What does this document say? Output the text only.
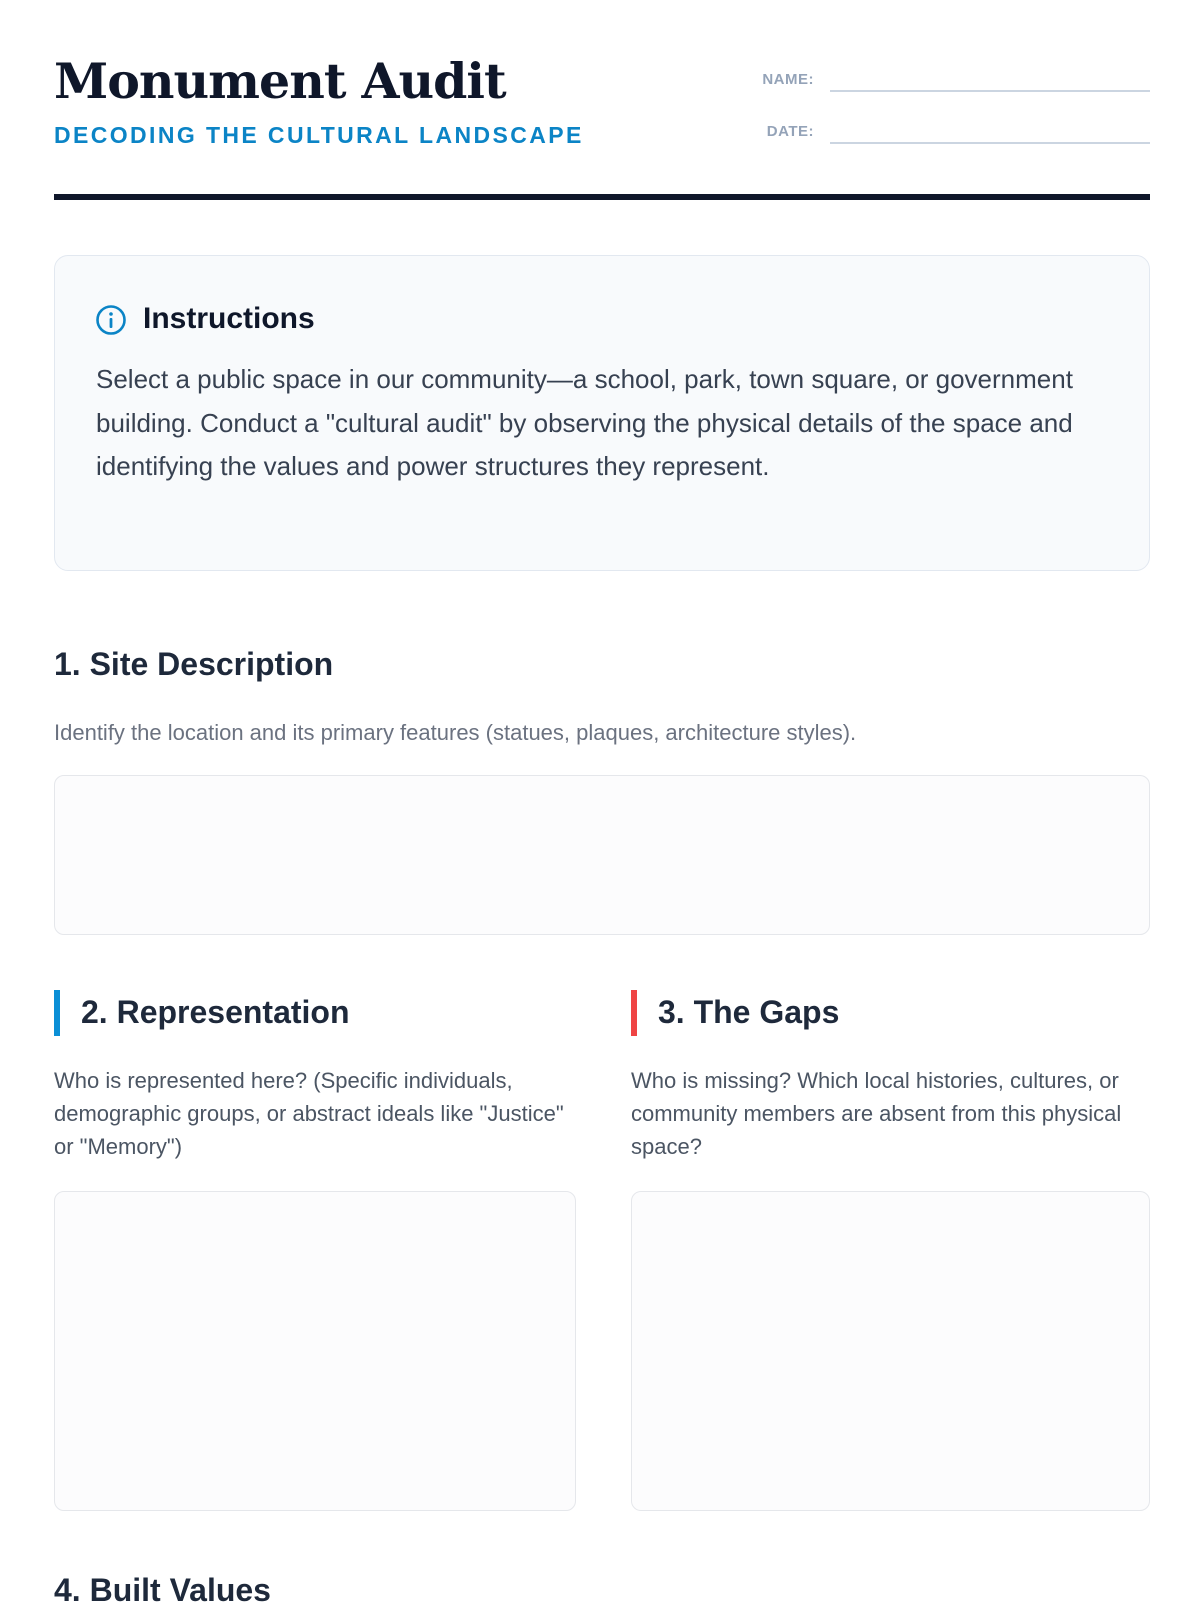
Monument Audit
DECODING THE CULTURAL LANDSCAPE
NAME:
DATE:
Instructions
Select a public space in our community—a school, park, town square, or government building. Conduct a "cultural audit" by observing the physical details of the space and identifying the values and power structures they represent.
1. Site Description
Identify the location and its primary features (statues, plaques, architecture styles).
2. Representation
Who is represented here? (Specific individuals, demographic groups, or abstract ideals like "Justice" or "Memory")
3. The Gaps
Who is missing? Which local histories, cultures, or community members are absent from this physical space?
4. Built Values
